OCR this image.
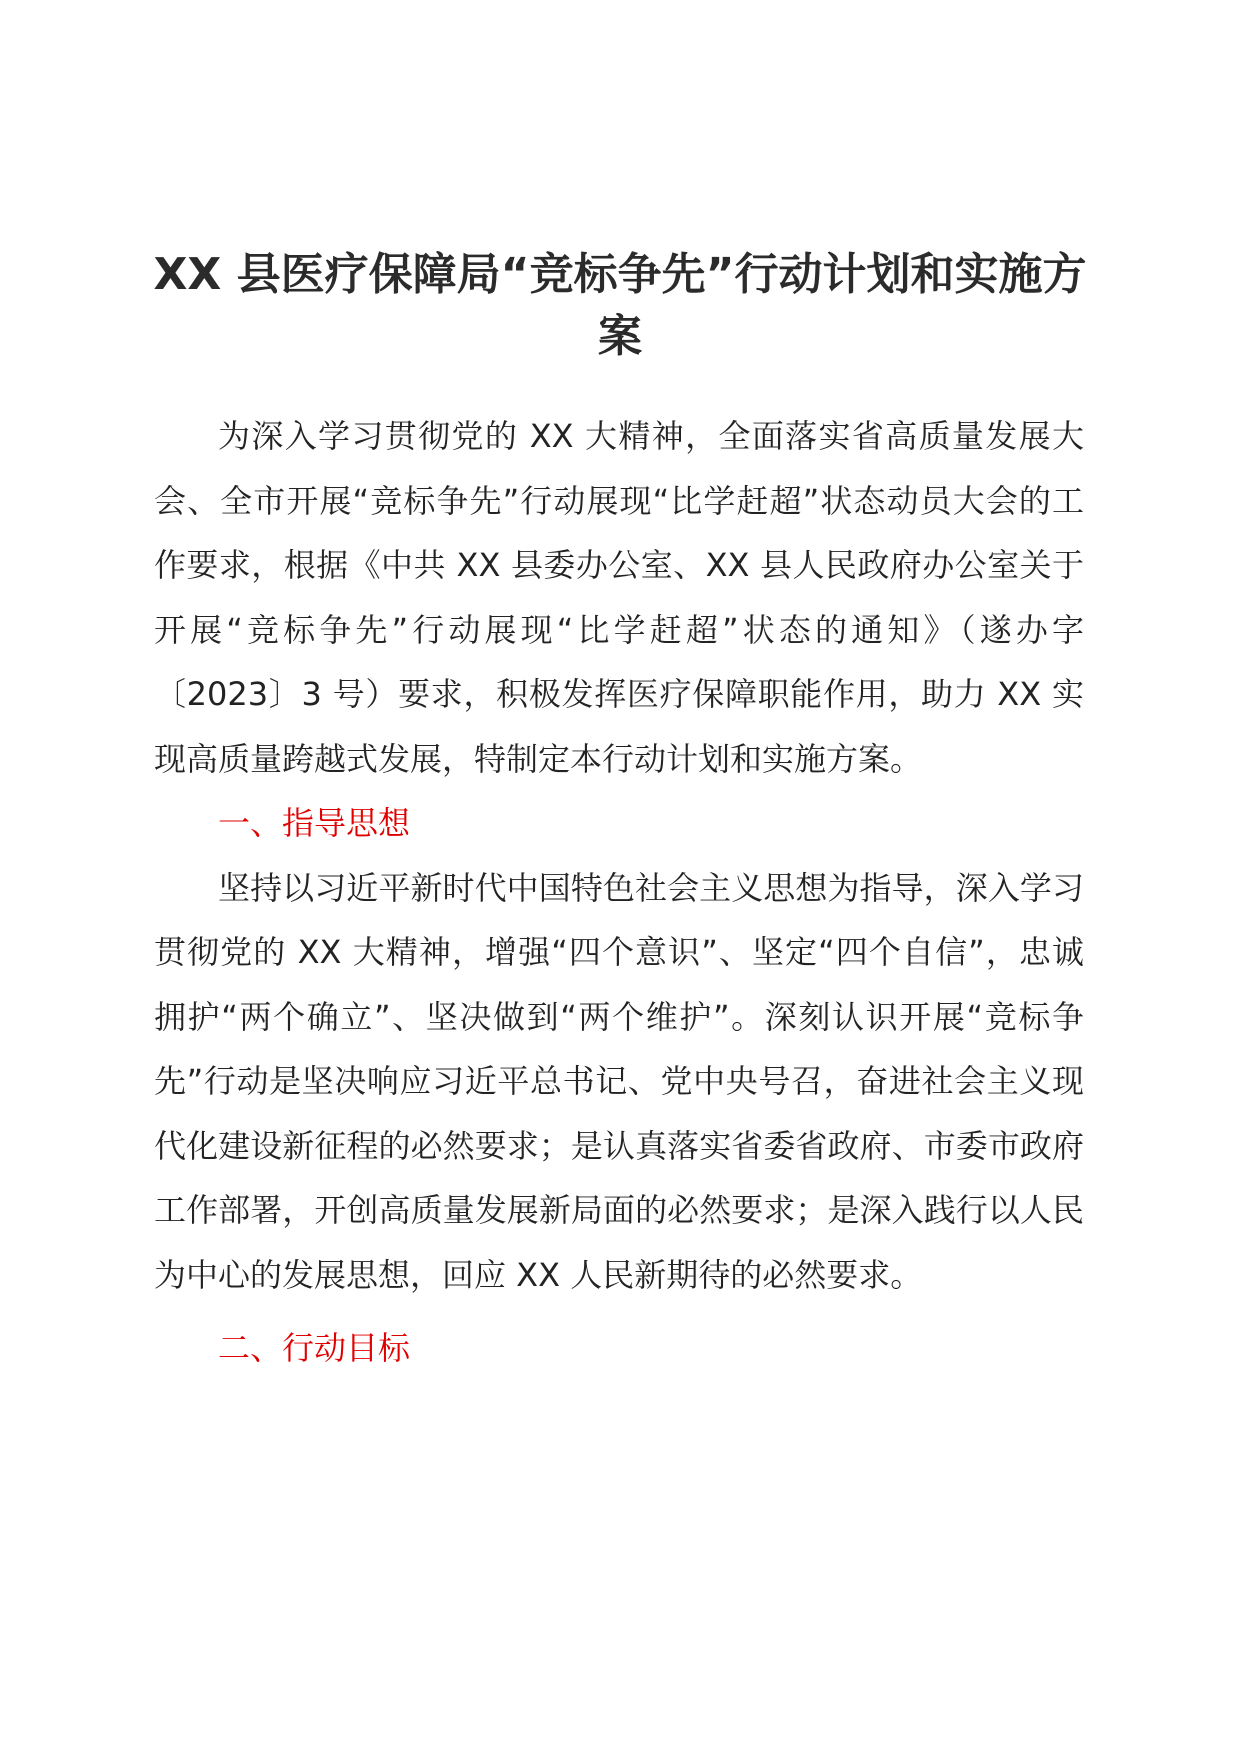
XX 县医疗保障局“竞标争先”行动计划和实施方案

为深入学习贯彻党的 XX 大精神，全面落实省高质量发展大会、全市开展“竞标争先”行动展现“比学赶超”状态动员大会的工作要求，根据《中共 XX 县委办公室、XX 县人民政府办公室关于开展“竞标争先”行动展现“比学赶超”状态的通知》（遂办字〔2023〕3 号）要求，积极发挥医疗保障职能作用，助力 XX 实现高质量跨越式发展，特制定本行动计划和实施方案。

一、指导思想

坚持以习近平新时代中国特色社会主义思想为指导，深入学习贯彻党的 XX 大精神，增强“四个意识”、坚定“四个自信”，忠诚拥护“两个确立”、坚决做到“两个维护”。深刻认识开展“竞标争先”行动是坚决响应习近平总书记、党中央号召，奋进社会主义现代化建设新征程的必然要求；是认真落实省委省政府、市委市政府工作部署，开创高质量发展新局面的必然要求；是深入践行以人民为中心的发展思想，回应 XX 人民新期待的必然要求。

二、行动目标
